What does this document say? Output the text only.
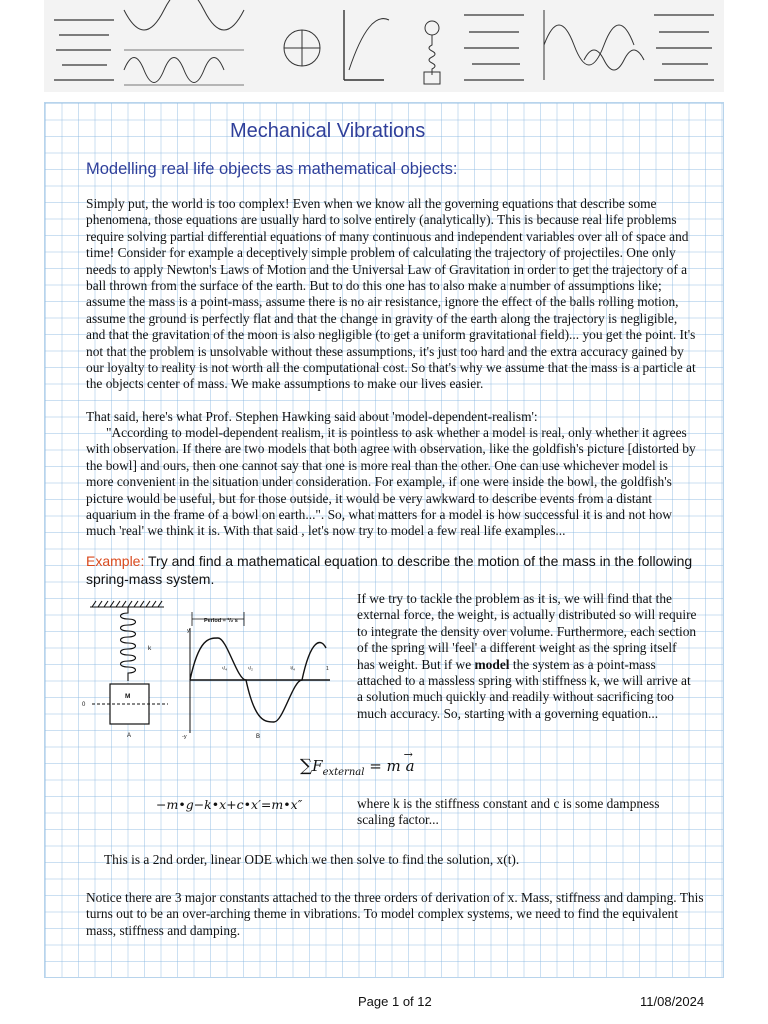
Mechanical Vibrations
Modelling real life objects as mathematical objects:
Simply put, the world is too complex! Even when we know all the governing equations that describe some phenomena, those equations are usually hard to solve entirely (analytically). This is because real life problems require solving partial differential equations of many continuous and independent variables over all of space and time! Consider for example a deceptively simple problem of calculating the trajectory of projectiles. One only needs to apply Newton's Laws of Motion and the Universal Law of Gravitation in order to get the trajectory of a ball thrown from the surface of the earth. But to do this one has to also make a number of assumptions like; assume the mass is a point-mass, assume there is no air resistance, ignore the effect of the balls rolling motion, assume the ground is perfectly flat and that the change in gravity of the earth along the trajectory is negligible, and that the gravitation of the moon is also negligible (to get a uniform gravitational field)... you get the point. It's not that the problem is unsolvable without these assumptions, it's just too hard and the extra accuracy gained by our loyalty to reality is not worth all the computational cost. So that's why we assume that the mass is a particle at the objects center of mass. We make assumptions to make our lives easier.
That said, here's what Prof. Stephen Hawking said about 'model-dependent-realism':
"According to model-dependent realism, it is pointless to ask whether a model is real, only whether it agrees with observation. If there are two models that both agree with observation, like the goldfish's picture [distorted by the bowl] and ours, then one cannot say that one is more real than the other. One can use whichever model is more convenient in the situation under consideration. For example, if one were inside the bowl, the goldfish's picture would be useful, but for those outside, it would be very awkward to describe events from a distant aquarium in the frame of a bowl on earth...". So, what matters for a model is how successful it is and not how much 'real' we think it is. With that said , let's now try to model a few real life examples...
Example: Try and find a mathematical equation to describe the motion of the mass in the following spring-mass system.
k
M
0
A
Period = ¹/₂ s
y
-y
¹/₄	¹/₂	³/₄	1
B
If we try to tackle the problem as it is, we will find that the external force, the weight, is actually distributed so will require to integrate the density over volume. Furthermore, each section of the spring will 'feel' a different weight as the spring itself has weight. But if we model the system as a point-mass attached to a massless spring with stiffness k, we will arrive at a solution much quickly and readily without sacrificing too much accuracy. So, starting with a governing equation...
$\sum F_{external} = m$
→
a
−m•g−k•x+c•x′=m•x″	where k is the stiffness constant and c is some dampness scaling factor...
This is a 2nd order, linear ODE which we then solve to find the solution, x(t).
Notice there are 3 major constants attached to the three orders of derivation of x. Mass, stiffness and damping. This turns out to be an over-arching theme in vibrations. To model complex systems, we need to find the equivalent mass, stiffness and damping.
Page 1 of 12	11/08/2024
